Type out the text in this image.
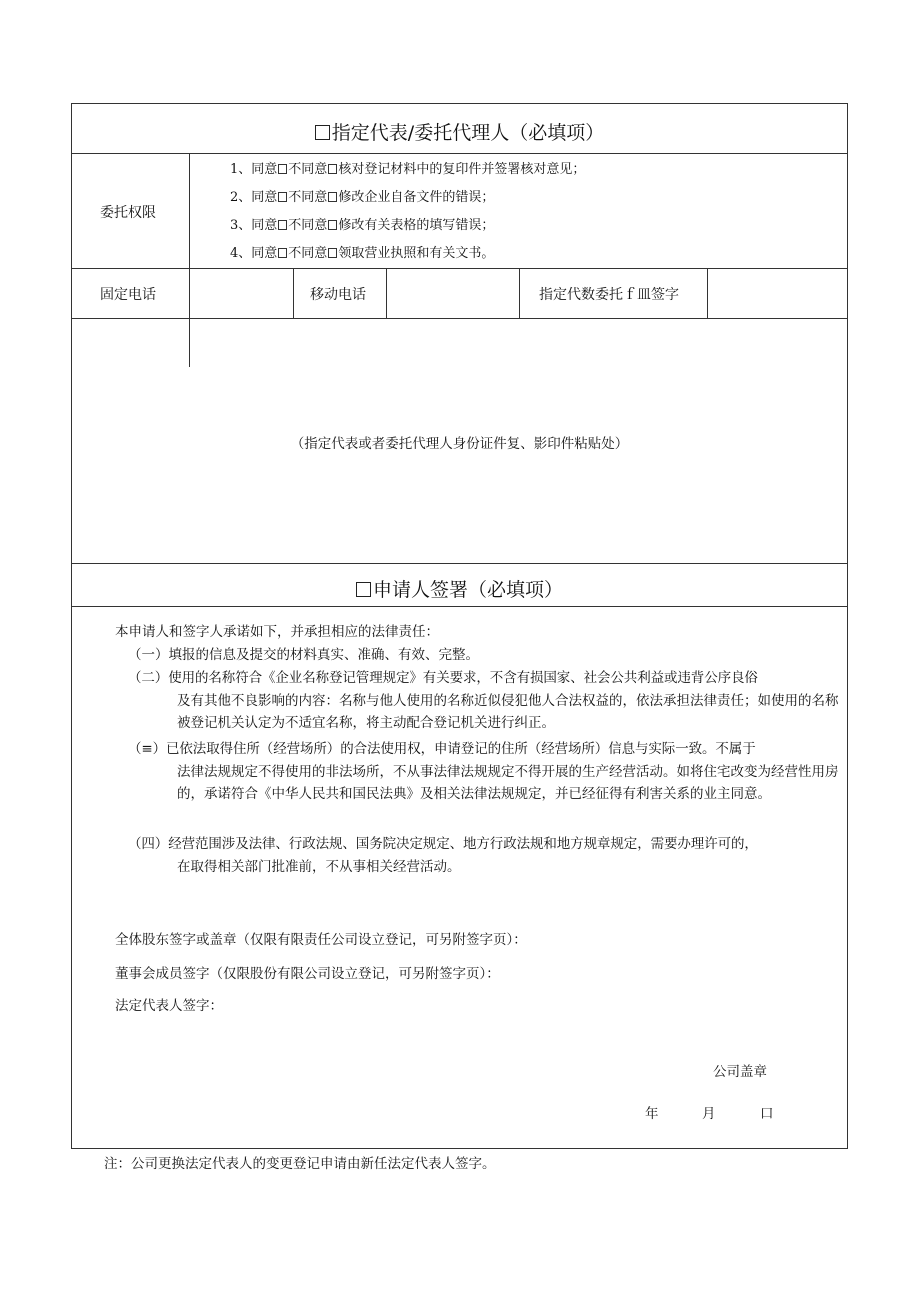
指定代表/委托代理人（必填项）
委托权限
1、同意 不同意 核对登记材料中的复印件并签署核对意见；
2、同意 不同意 修改企业自备文件的错误；
3、同意 不同意 修改有关表格的填写错误；
4、同意 不同意 领取营业执照和有关文书。
固定电话	移动电话	指定代数委托ｆ皿签字
（指定代表或者委托代理人身份证件复、影印件粘贴处）
申请人签署（必填项）
本申请人和签字人承诺如下，并承担相应的法律责任：
（一）填报的信息及提交的材料真实、准确、有效、完整。
（二）使用的名称符合《企业名称登记管理规定》有关要求，不含有损国家、社会公共利益或违背公序良俗
及有其他不良影响的内容：名称与他人使用的名称近似侵犯他人合法权益的，依法承担法律责任；如使用的名称被登记机关认定为不适宜名称，将主动配合登记机关进行纠正。
（≡）已依法取得住所（经营场所）的合法使用权，申请登记的住所（经营场所）信息与实际一致。不属于
法律法规规定不得使用的非法场所，不从事法律法规规定不得开展的生产经营活动。如将住宅改变为经营性用房的，承诺符合《中华人民共和国民法典》及相关法律法规规定，并已经征得有利害关系的业主同意。
（四）经营范围涉及法律、行政法规、国务院决定规定、地方行政法规和地方规章规定，需要办理许可的，
在取得相关部门批准前，不从事相关经营活动。
全体股东签字或盖章（仅限有限责任公司设立登记，可另附签字页）：
董事会成员签字（仅限股份有限公司设立登记，可另附签字页）：
法定代表人签字：
公司盖章
年	月	口
注：公司更换法定代表人的变更登记申请由新任法定代表人签字。
